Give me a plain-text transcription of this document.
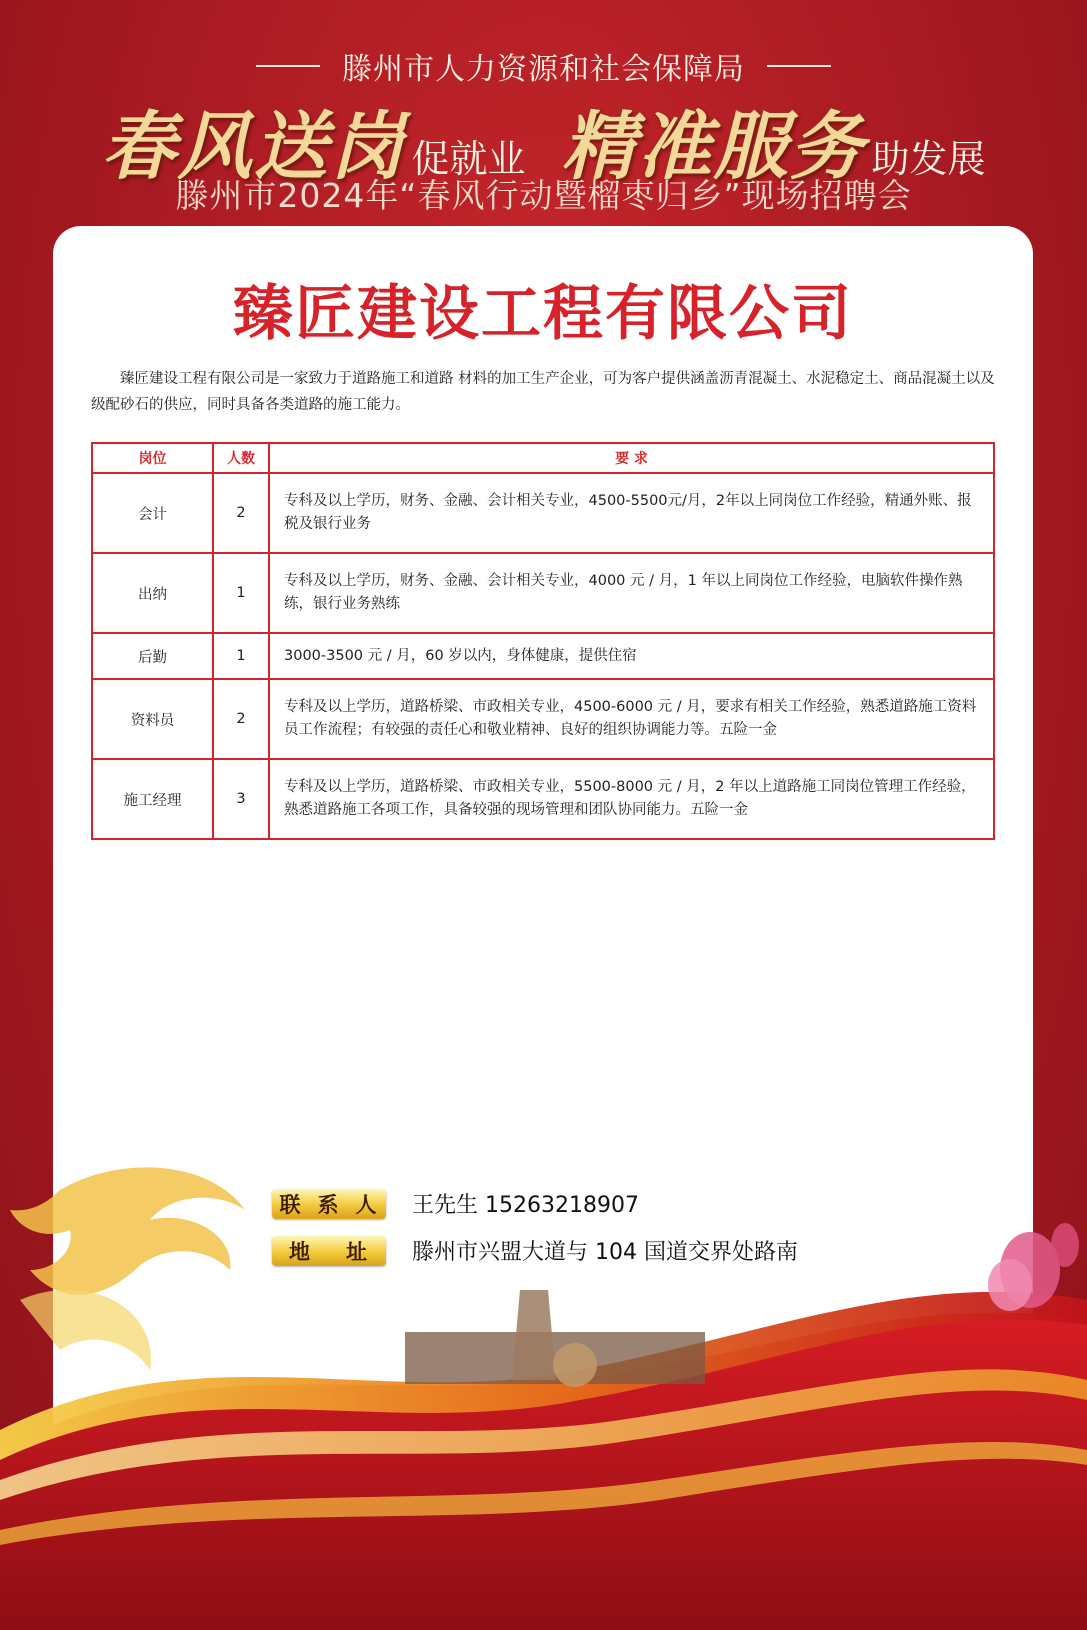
滕州市人力资源和社会保障局
春风送岗 促就业 精准服务 助发展
滕州市2024年“春风行动暨榴枣归乡”现场招聘会
臻匠建设工程有限公司
臻匠建设工程有限公司是一家致力于道路施工和道路 材料的加工生产企业，可为客户提供涵盖沥青混凝土、水泥稳定土、商品混凝土以及级配砂石的供应，同时具备各类道路的施工能力。
岗位	人数	要 求
会计	2	专科及以上学历，财务、金融、会计相关专业，4500-5500元/月，2年以上同岗位工作经验，精通外账、报税及银行业务
出纳	1	专科及以上学历，财务、金融、会计相关专业，4000 元 / 月，1 年以上同岗位工作经验，电脑软件操作熟练，银行业务熟练
后勤	1	3000-3500 元 / 月，60 岁以内，身体健康，提供住宿
资料员	2	专科及以上学历，道路桥梁、市政相关专业，4500-6000 元 / 月，要求有相关工作经验，熟悉道路施工资料员工作流程；有较强的责任心和敬业精神、良好的组织协调能力等。五险一金
施工经理	3	专科及以上学历，道路桥梁、市政相关专业，5500-8000 元 / 月，2 年以上道路施工同岗位管理工作经验，熟悉道路施工各项工作，具备较强的现场管理和团队协同能力。五险一金
联 系 人 王先生 15263218907
地 址 滕州市兴盟大道与 104 国道交界处路南
